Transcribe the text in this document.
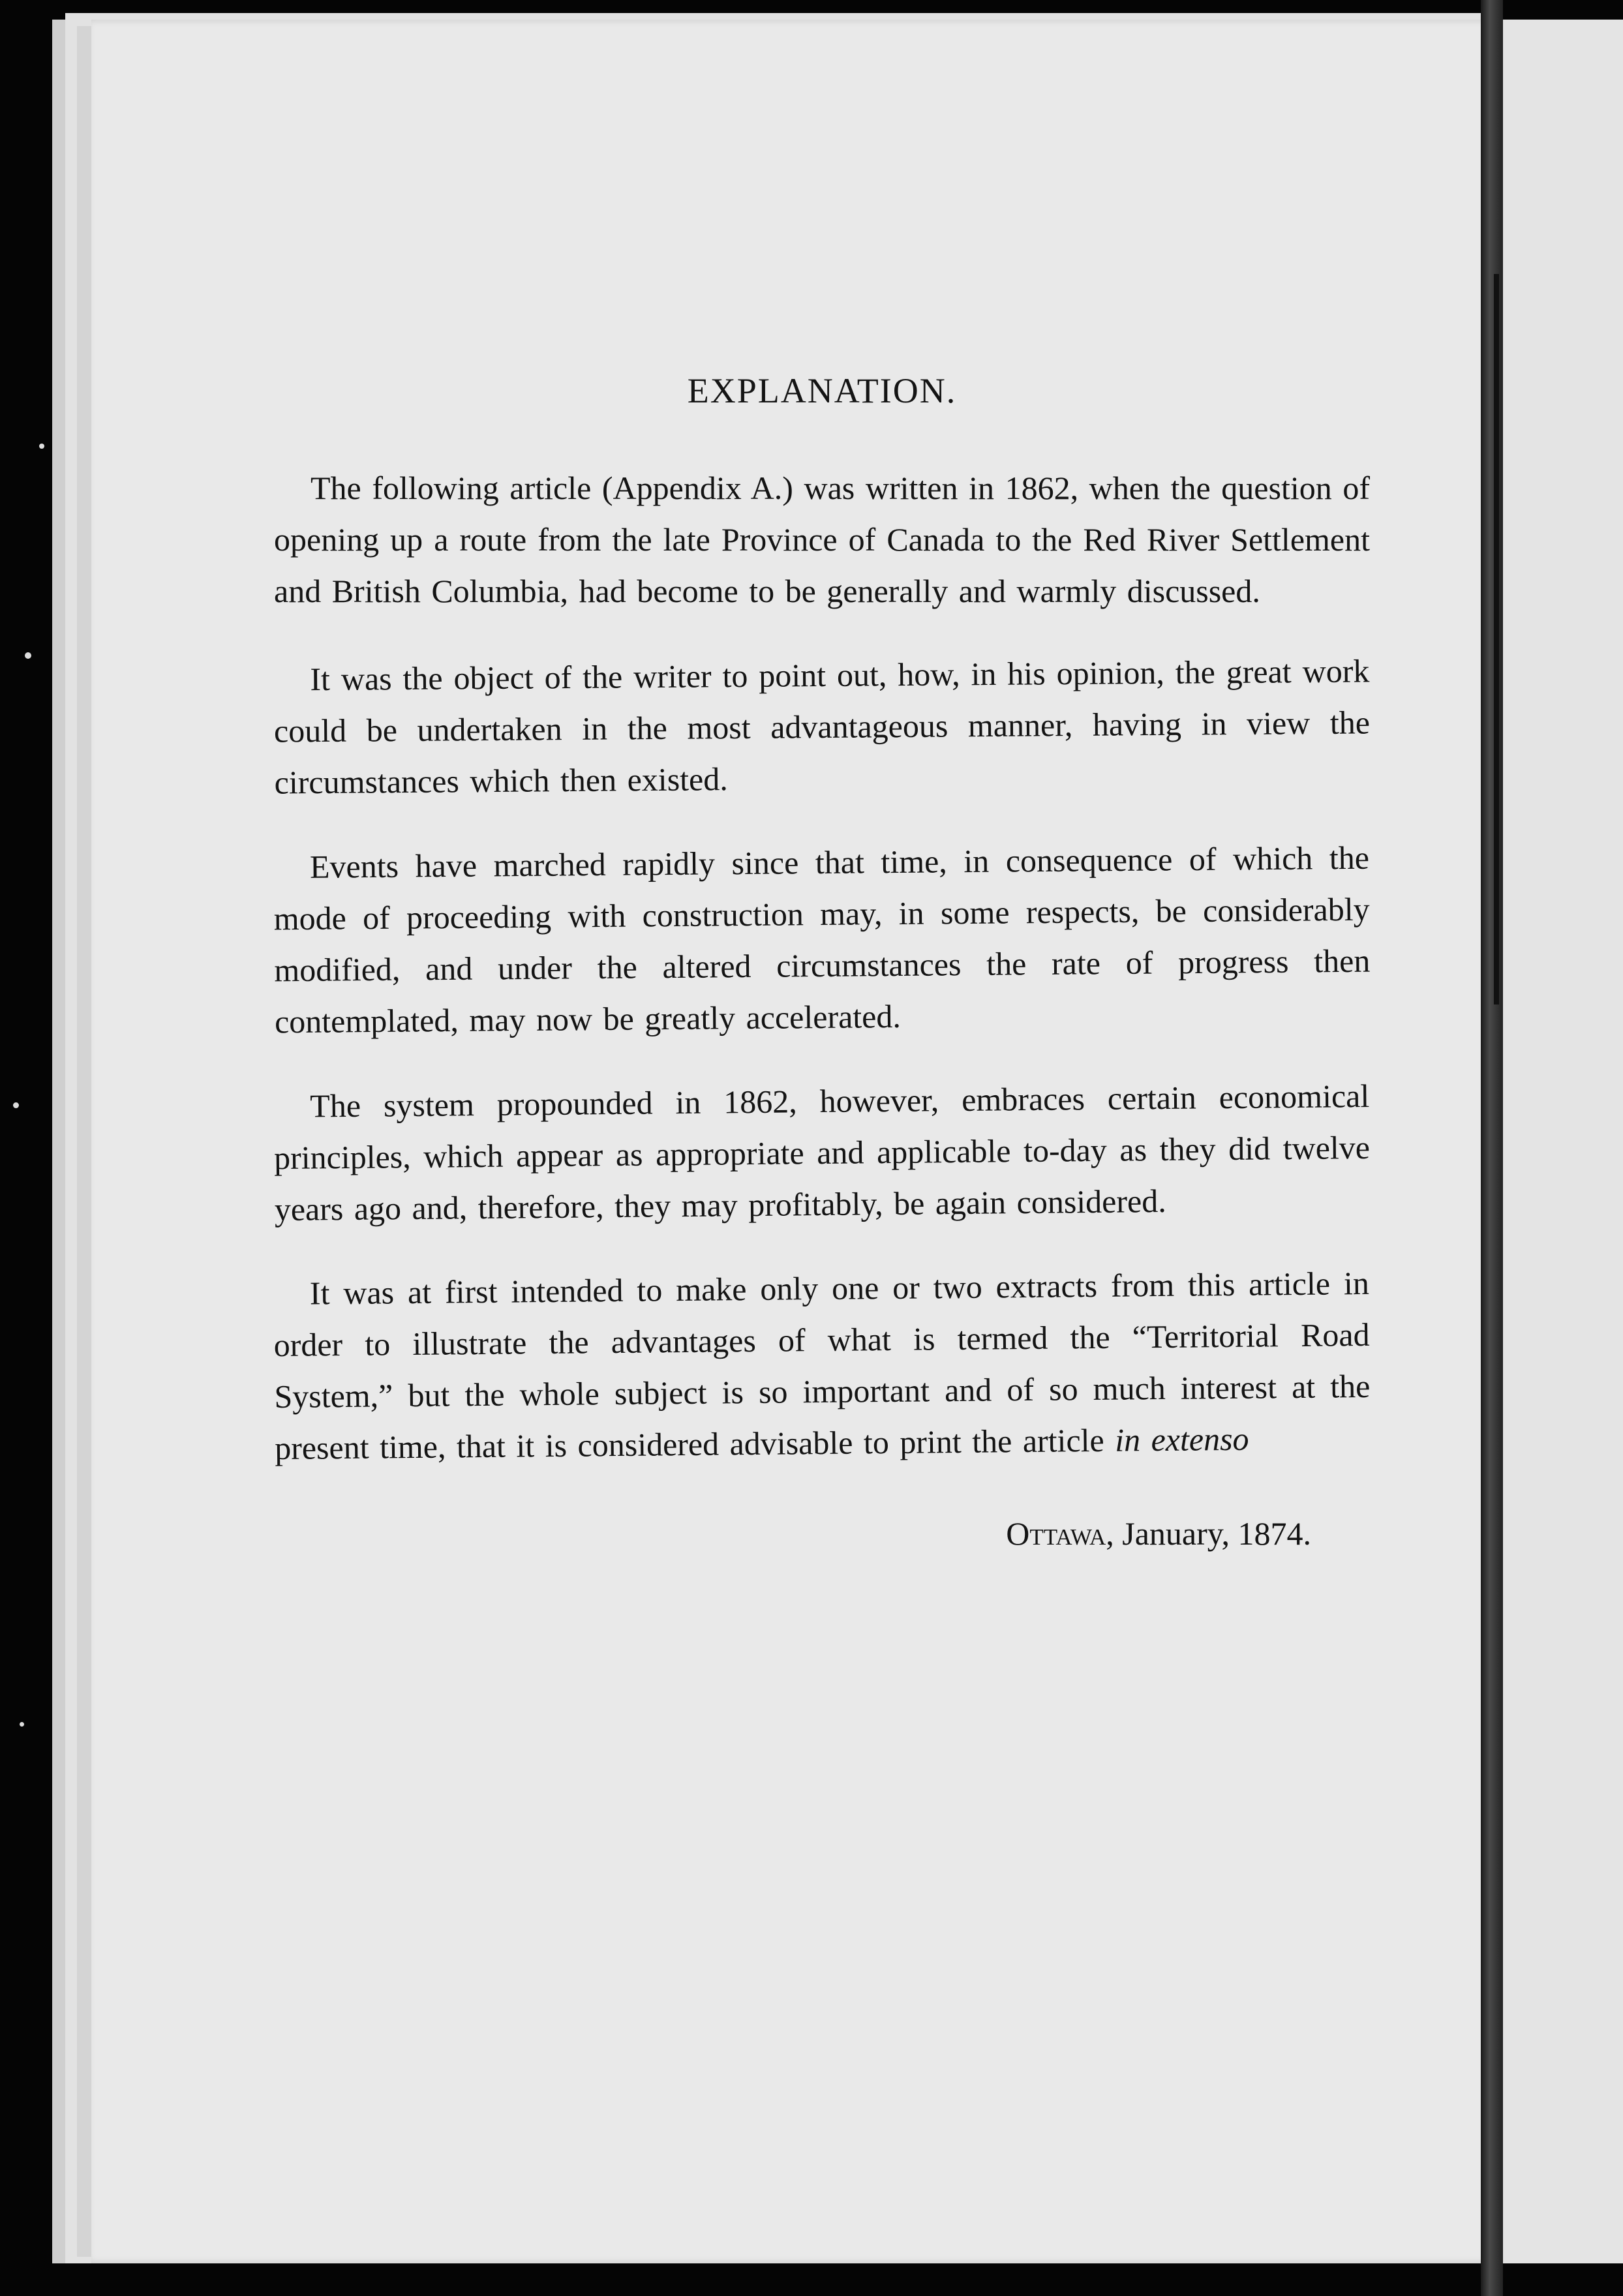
EXPLANATION.

The following article (Appendix A.) was written in 1862, when the question of opening up a route from the late Province of Canada to the Red River Settlement and British Columbia, had become to be generally and warmly discussed.

It was the object of the writer to point out, how, in his opinion, the great work could be undertaken in the most advantageous manner, having in view the circumstances which then existed.

Events have marched rapidly since that time, in consequence of which the mode of proceeding with construction may, in some respects, be considerably modified, and under the altered circumstances the rate of progress then contemplated, may now be greatly accelerated.

The system propounded in 1862, however, embraces certain economical principles, which appear as appropriate and applicable to-day as they did twelve years ago and, therefore, they may profitably, be again considered.

It was at first intended to make only one or two extracts from this article in order to illustrate the advantages of what is termed the “Territorial Road System,” but the whole subject is so important and of so much interest at the present time, that it is considered advisable to print the article in extenso

Ottawa, January, 1874.
